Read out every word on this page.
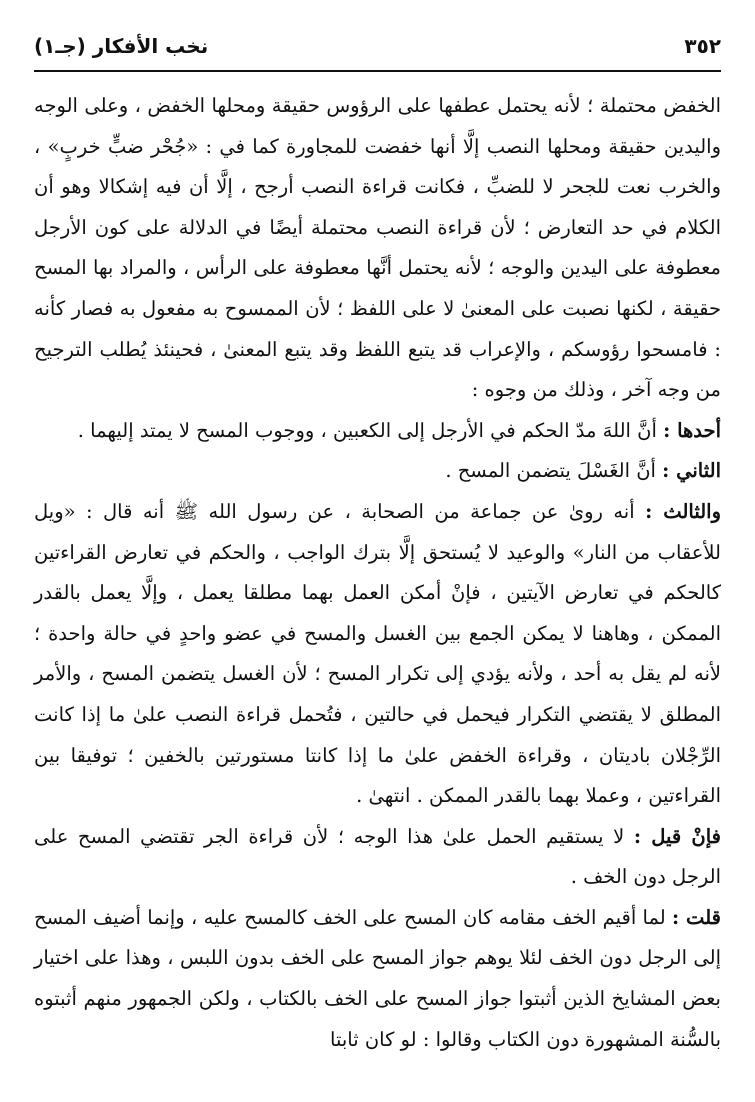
٣٥٢
نخب الأفكار (جـ١)

الخفض محتملة ؛ لأنه يحتمل عطفها على الرؤوس حقيقة ومحلها الخفض ، وعلى الوجه واليدين حقيقة ومحلها النصب إلَّا أنها خفضت للمجاورة كما في : «جُحْر ضبٍّ خربٍ» ، والخرب نعت للجحر لا للضبِّ ، فكانت قراءة النصب أرجح ، إلَّا أن فيه إشكالا وهو أن الكلام في حد التعارض ؛ لأن قراءة النصب محتملة أيضًا في الدلالة على كون الأرجل معطوفة على اليدين والوجه ؛ لأنه يحتمل أنَّها معطوفة على الرأس ، والمراد بها المسح حقيقة ، لكنها نصبت على المعنىٰ لا على اللفظ ؛ لأن الممسوح به مفعول به فصار كأنه : فامسحوا رؤوسكم ، والإعراب قد يتبع اللفظ وقد يتبع المعنىٰ ، فحينئذ يُطلب الترجيح من وجه آخر ، وذلك من وجوه :

أحدها : أنَّ اللهَ مدّ الحكم في الأرجل إلى الكعبين ، ووجوب المسح لا يمتد إليهما .

الثاني : أنَّ الغَسْلَ يتضمن المسح .

والثالث : أنه روىٰ عن جماعة من الصحابة ، عن رسول الله ﷺ أنه قال : «ويل للأعقاب من النار» والوعيد لا يُستحق إلَّا بترك الواجب ، والحكم في تعارض القراءتين كالحكم في تعارض الآيتين ، فإنْ أمكن العمل بهما مطلقا يعمل ، وإلَّا يعمل بالقدر الممكن ، وهاهنا لا يمكن الجمع بين الغسل والمسح في عضو واحدٍ في حالة واحدة ؛ لأنه لم يقل به أحد ، ولأنه يؤدي إلى تكرار المسح ؛ لأن الغسل يتضمن المسح ، والأمر المطلق لا يقتضي التكرار فيحمل في حالتين ، فتُحمل قراءة النصب علىٰ ما إذا كانت الرِّجْلان باديتان ، وقراءة الخفض علىٰ ما إذا كانتا مستورتين بالخفين ؛ توفيقا بين القراءتين ، وعملا بهما بالقدر الممكن . انتهىٰ .

فإنْ قيل : لا يستقيم الحمل علىٰ هذا الوجه ؛ لأن قراءة الجر تقتضي المسح على الرجل دون الخف .

قلت : لما أقيم الخف مقامه كان المسح على الخف كالمسح عليه ، وإنما أضيف المسح إلى الرجل دون الخف لئلا يوهم جواز المسح على الخف بدون اللبس ، وهذا على اختيار بعض المشايخ الذين أثبتوا جواز المسح على الخف بالكتاب ، ولكن الجمهور منهم أثبتوه بالسُّنة المشهورة دون الكتاب وقالوا : لو كان ثابتا
